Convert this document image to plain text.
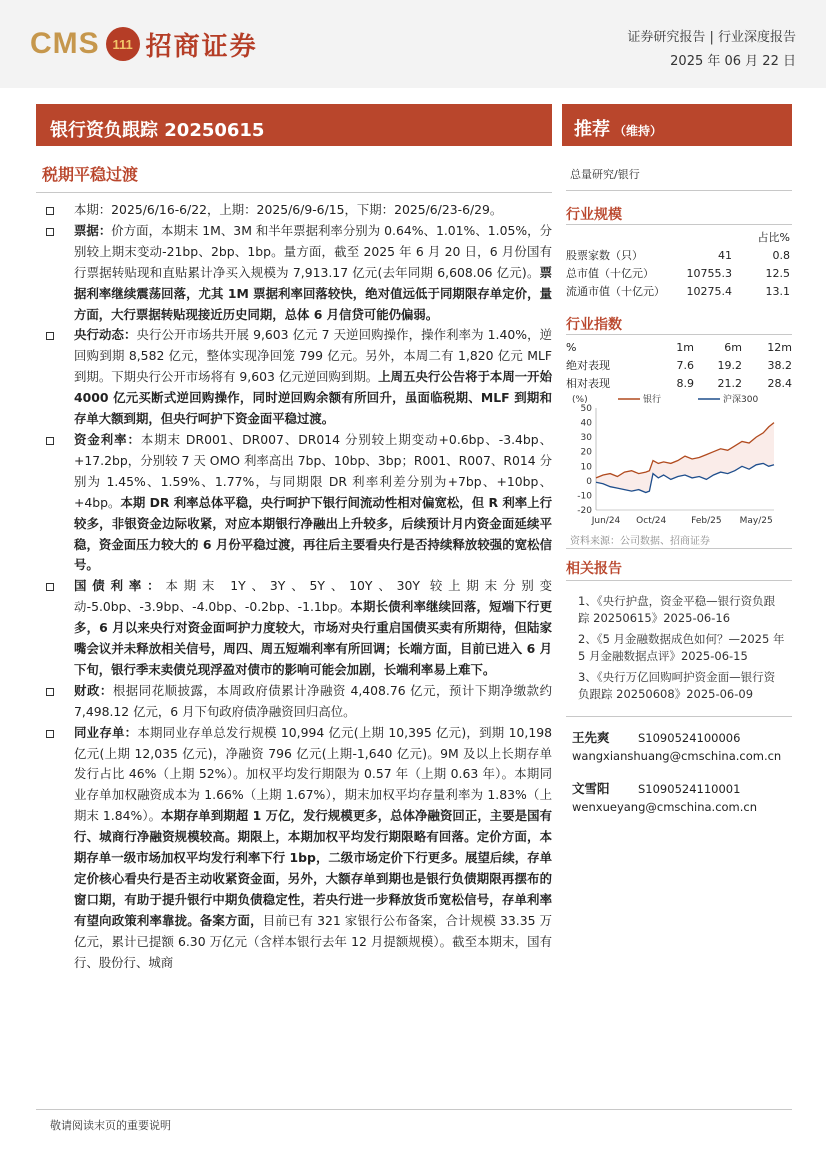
CMS 111 招商证券	证券研究报告 | 行业深度报告
2025 年 06 月 22 日
银行资负跟踪 20250615	推荐 （维持）
税期平稳过渡	总量研究/银行
本期：2025/6/16-6/22，上期：2025/6/9-6/15，下期：2025/6/23-6/29。
票据：价方面，本期末 1M、3M 和半年票据利率分别为 0.64%、1.01%、1.05%，分别较上期末变动-21bp、2bp、1bp。量方面，截至 2025 年 6 月 20 日，6 月份国有行票据转贴现和直贴累计净买入规模为 7,913.17 亿元(去年同期 6,608.06 亿元)。票据利率继续震荡回落，尤其 1M 票据利率回落较快，绝对值远低于同期限存单定价，量方面，大行票据转贴现接近历史同期，总体 6 月信贷可能仍偏弱。
央行动态：央行公开市场共开展 9,603 亿元 7 天逆回购操作，操作利率为 1.40%，逆回购到期 8,582 亿元，整体实现净回笼 799 亿元。另外，本周二有 1,820 亿元 MLF 到期。下期央行公开市场将有 9,603 亿元逆回购到期。上周五央行公告将于本周一开始 4000 亿元买断式逆回购操作，同时逆回购余额有所回升，虽面临税期、MLF 到期和存单大额到期，但央行呵护下资金面平稳过渡。
资金利率：本期末 DR001、DR007、DR014 分别较上期变动+0.6bp、-3.4bp、+17.2bp，分别较 7 天 OMO 利率高出 7bp、10bp、3bp；R001、R007、R014 分别为 1.45%、1.59%、1.77%，与同期限 DR 利率利差分别为+7bp、+10bp、+4bp。本期 DR 利率总体平稳，央行呵护下银行间流动性相对偏宽松，但 R 利率上行较多，非银资金边际收紧，对应本期银行净融出上升较多，后续预计月内资金面延续平稳，资金面压力较大的 6 月份平稳过渡，再往后主要看央行是否持续释放较强的宽松信号。
国债利率：本期末 1Y、3Y、5Y、10Y、30Y 较上期末分别变动-5.0bp、-3.9bp、-4.0bp、-0.2bp、-1.1bp。本期长债利率继续回落，短端下行更多，6 月以来央行对资金面呵护力度较大，市场对央行重启国债买卖有所期待，但陆家嘴会议并未释放相关信号，周四、周五短端利率有所回调；长端方面，目前已进入 6 月下旬，银行季末卖债兑现浮盈对债市的影响可能会加剧，长端利率易上难下。
财政：根据同花顺披露，本周政府债累计净融资 4,408.76 亿元，预计下期净缴款约 7,498.12 亿元，6 月下旬政府债净融资回归高位。
同业存单：本期同业存单总发行规模 10,994 亿元(上期 10,395 亿元)，到期 10,198 亿元(上期 12,035 亿元)，净融资 796 亿元(上期-1,640 亿元)。9M 及以上长期存单发行占比 46%（上期 52%）。加权平均发行期限为 0.57 年（上期 0.63 年）。本期同业存单加权融资成本为 1.66%（上期 1.67%），期末加权平均存量利率为 1.83%（上期末 1.84%）。本期存单到期超 1 万亿，发行规模更多，总体净融资回正，主要是国有行、城商行净融资规模较高。期限上，本期加权平均发行期限略有回落。定价方面，本期存单一级市场加权平均发行利率下行 1bp，二级市场定价下行更多。展望后续，存单定价核心看央行是否主动收紧资金面，另外，大额存单到期也是银行负债期限再摆布的窗口期，有助于提升银行中期负债稳定性，若央行进一步释放货币宽松信号，存单利率有望向政策利率靠拢。备案方面，目前已有 321 家银行公布备案，合计规模 33.35 万亿元，累计已提额 6.30 万亿元（含样本银行去年 12 月提额规模）。截至本期末，国有行、股份行、城商
行业规模
占比%
股票家数（只）	41	0.8
总市值（十亿元）	10755.3	12.5
流通市值（十亿元）	10275.4	13.1
行业指数
%	1m	6m	12m
绝对表现	7.6	19.2	38.2
相对表现	8.9	21.2	28.4
(%)	银行	沪深300
-20
-10
0
10
20
30
40
50
Jun/24 Oct/24	Feb/25 May/25
资料来源：公司数据、招商证券
相关报告
1、《央行护盘，资金平稳—银行资负跟踪 20250615》2025-06-16
2、《5 月金融数据成色如何？—2025 年 5 月金融数据点评》2025-06-15
3、《央行万亿回购呵护资金面—银行资负跟踪 20250608》2025-06-09
王先爽 S1090524100006
wangxianshuang@cmschina.com.cn
文雪阳 S1090524110001
wenxueyang@cmschina.com.cn
敬请阅读末页的重要说明
